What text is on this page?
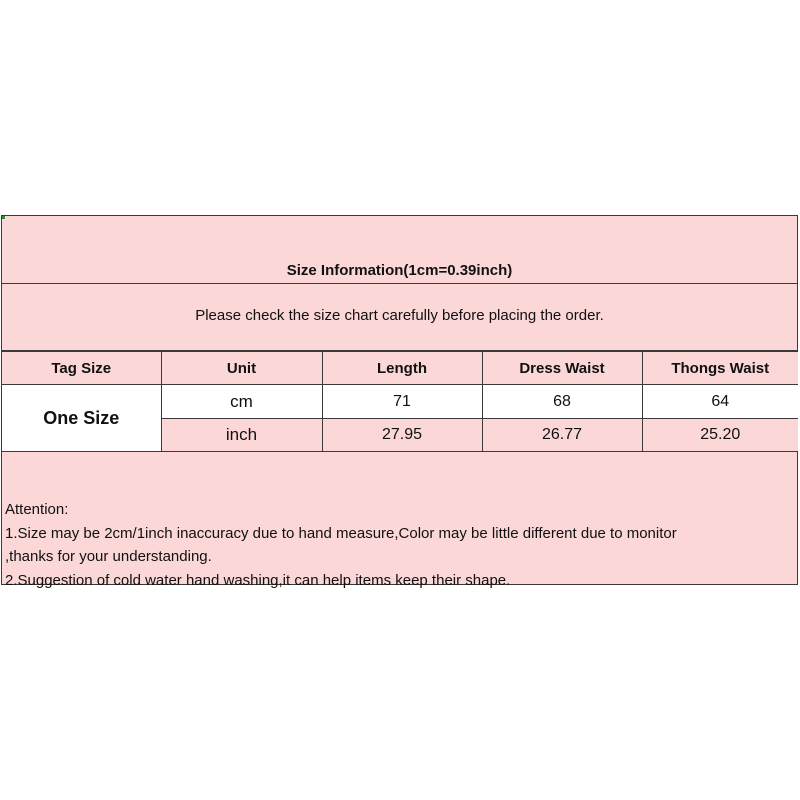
Size Information(1cm=0.39inch)
Please check the size chart carefully before placing the order.
Tag Size	Unit	Length	Dress Waist	Thongs Waist
One Size	cm	71	68	64
	inch	27.95	26.77	25.20
Attention:
1.Size may be 2cm/1inch inaccuracy due to hand measure,Color may be little different due to monitor
,thanks for your understanding.
2.Suggestion of cold water hand washing,it can help items keep their shape.
